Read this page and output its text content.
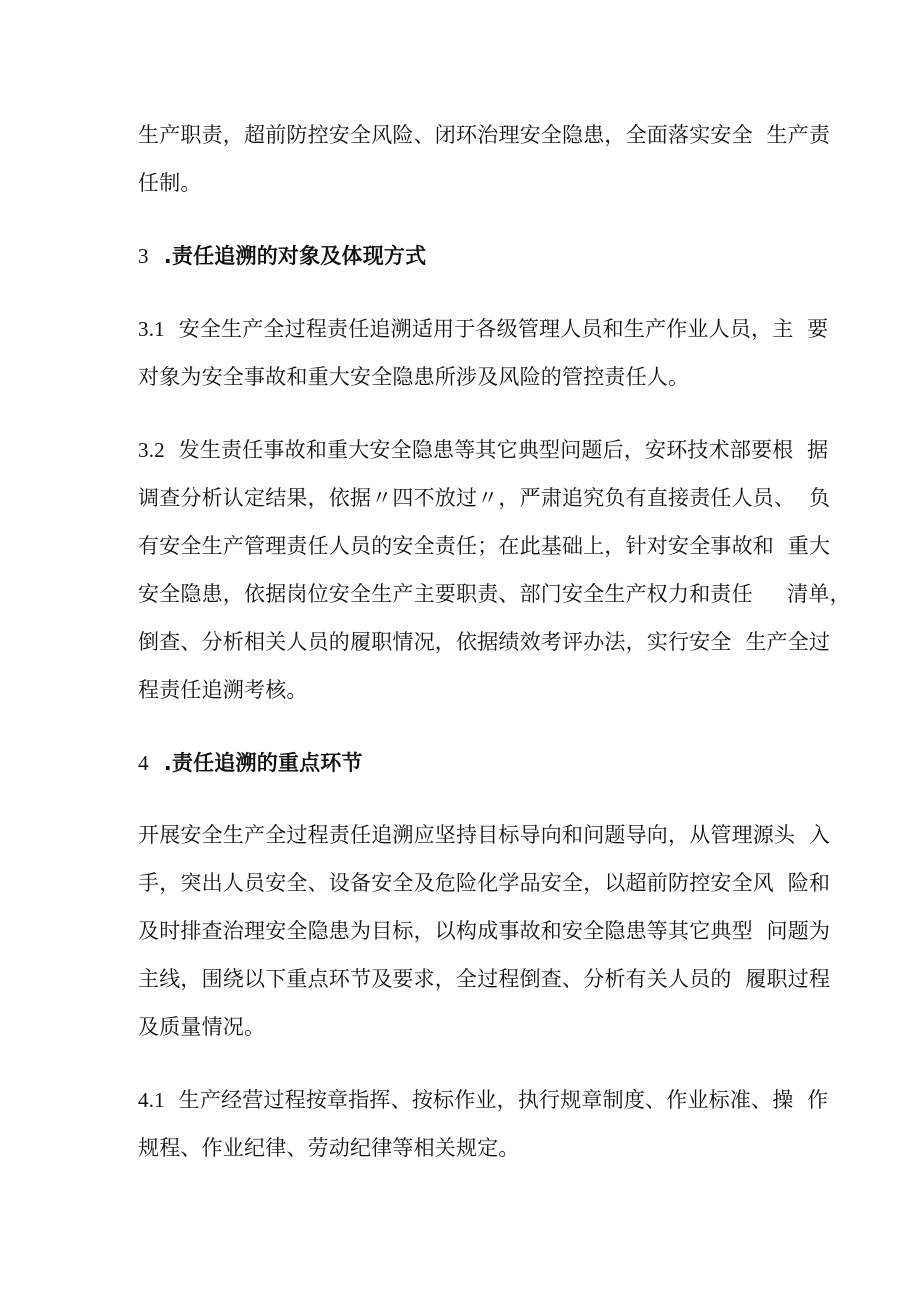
生产职责，超前防控安全风险、闭环治理安全隐患，全面落实安全  生产责
任制。
3 .责任追溯的对象及体现方式
3.1 安全生产全过程责任追溯适用于各级管理人员和生产作业人员，主  要
对象为安全事故和重大安全隐患所涉及风险的管控责任人。
3.2 发生责任事故和重大安全隐患等其它典型问题后，安环技术部要根  据
调查分析认定结果，依据〃四不放过〃，严肃追究负有直接责任人员、  负
有安全生产管理责任人员的安全责任；在此基础上，针对安全事故和  重大
安全隐患，依据岗位安全生产主要职责、部门安全生产权力和责任     清单，
倒查、分析相关人员的履职情况，依据绩效考评办法，实行安全  生产全过
程责任追溯考核。
4 .责任追溯的重点环节
开展安全生产全过程责任追溯应坚持目标导向和问题导向，从管理源头  入
手，突出人员安全、设备安全及危险化学品安全，以超前防控安全风  险和
及时排查治理安全隐患为目标，以构成事故和安全隐患等其它典型  问题为
主线，围绕以下重点环节及要求，全过程倒查、分析有关人员的  履职过程
及质量情况。
4.1 生产经营过程按章指挥、按标作业，执行规章制度、作业标准、操  作
规程、作业纪律、劳动纪律等相关规定。
